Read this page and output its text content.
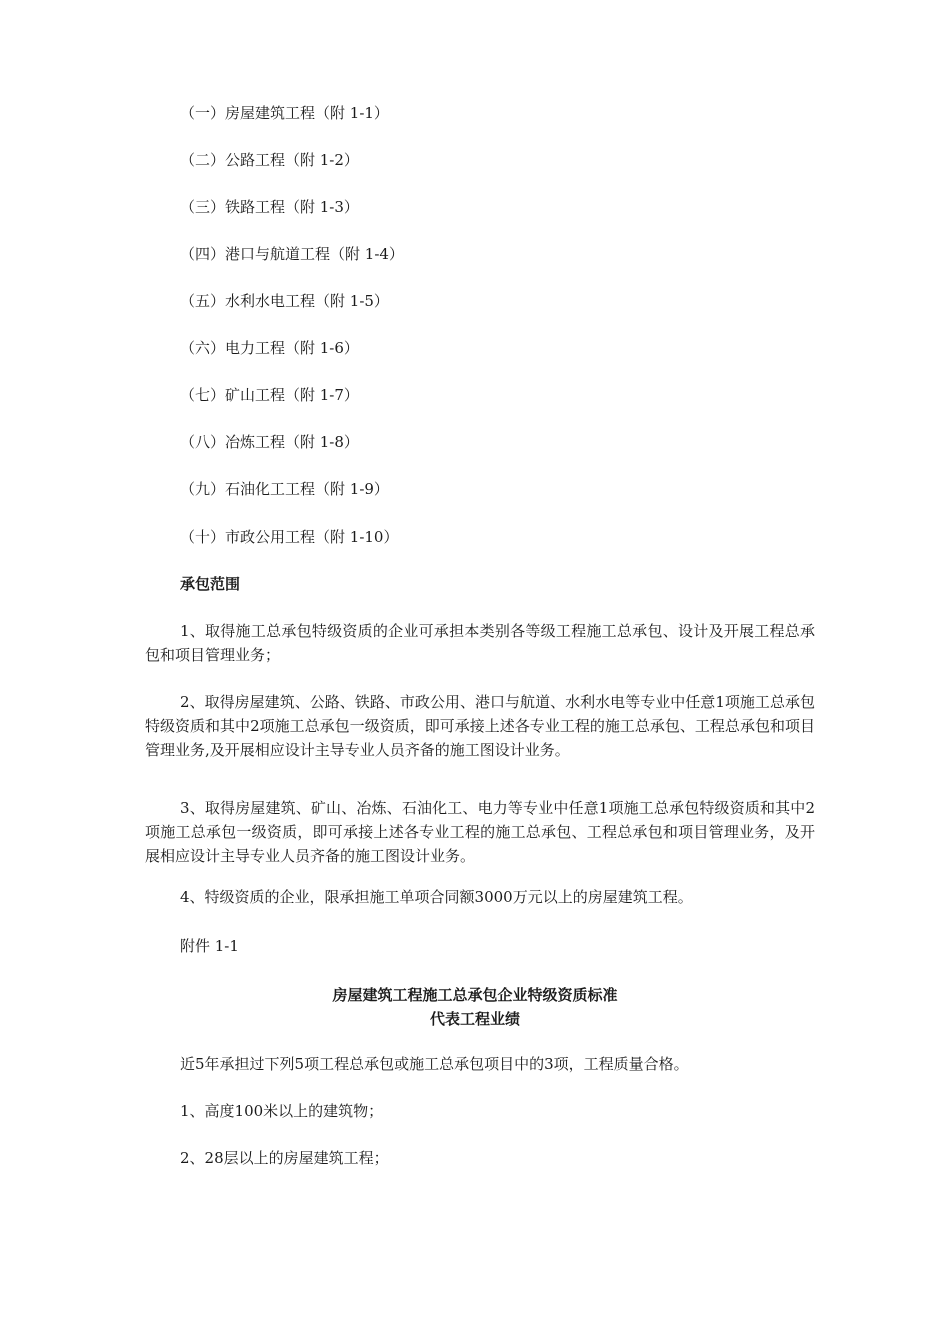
（一）房屋建筑工程（附 1-1）
（二）公路工程（附 1-2）
（三）铁路工程（附 1-3）
（四）港口与航道工程（附 1-4）
（五）水利水电工程（附 1-5）
（六）电力工程（附 1-6）
（七）矿山工程（附 1-7）
（八）冶炼工程（附 1-8）
（九）石油化工工程（附 1-9）
（十）市政公用工程（附 1-10）
承包范围
1、取得施工总承包特级资质的企业可承担本类别各等级工程施工总承包、设计及开展工程总承包和项目管理业务；
2、取得房屋建筑、公路、铁路、市政公用、港口与航道、水利水电等专业中任意1项施工总承包特级资质和其中2项施工总承包一级资质，即可承接上述各专业工程的施工总承包、工程总承包和项目管理业务,及开展相应设计主导专业人员齐备的施工图设计业务。
3、取得房屋建筑、矿山、冶炼、石油化工、电力等专业中任意1项施工总承包特级资质和其中2项施工总承包一级资质，即可承接上述各专业工程的施工总承包、工程总承包和项目管理业务，及开展相应设计主导专业人员齐备的施工图设计业务。
4、特级资质的企业，限承担施工单项合同额3000万元以上的房屋建筑工程。
附件 1-1
房屋建筑工程施工总承包企业特级资质标准
代表工程业绩
近5年承担过下列5项工程总承包或施工总承包项目中的3项，工程质量合格。
1、高度100米以上的建筑物；
2、28层以上的房屋建筑工程；
